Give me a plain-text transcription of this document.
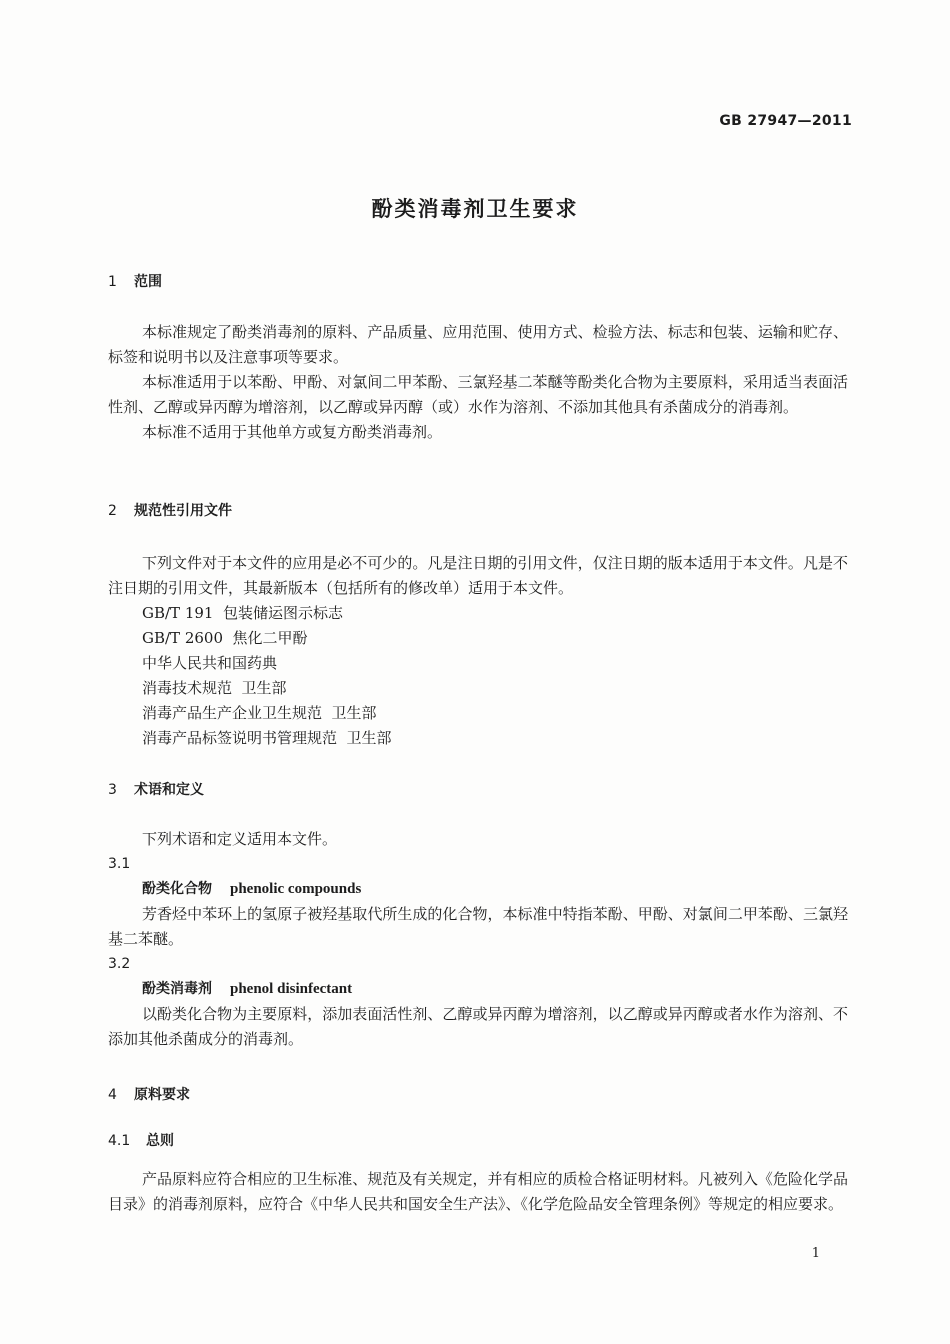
GB 27947—2011
酚类消毒剂卫生要求
1 范围
本标准规定了酚类消毒剂的原料、产品质量、应用范围、使用方式、检验方法、标志和包装、运输和贮存、标签和说明书以及注意事项等要求。
本标准适用于以苯酚、甲酚、对氯间二甲苯酚、三氯羟基二苯醚等酚类化合物为主要原料，采用适当表面活性剂、乙醇或异丙醇为增溶剂，以乙醇或异丙醇（或）水作为溶剂、不添加其他具有杀菌成分的消毒剂。
本标准不适用于其他单方或复方酚类消毒剂。
2 规范性引用文件
下列文件对于本文件的应用是必不可少的。凡是注日期的引用文件，仅注日期的版本适用于本文件。凡是不注日期的引用文件，其最新版本（包括所有的修改单）适用于本文件。
GB/T 191  包装储运图示标志
GB/T 2600  焦化二甲酚
中华人民共和国药典
消毒技术规范  卫生部
消毒产品生产企业卫生规范  卫生部
消毒产品标签说明书管理规范  卫生部
3 术语和定义
下列术语和定义适用本文件。
3.1
酚类化合物 phenolic compounds
芳香烃中苯环上的氢原子被羟基取代所生成的化合物，本标准中特指苯酚、甲酚、对氯间二甲苯酚、三氯羟基二苯醚。
3.2
酚类消毒剂 phenol disinfectant
以酚类化合物为主要原料，添加表面活性剂、乙醇或异丙醇为增溶剂，以乙醇或异丙醇或者水作为溶剂、不添加其他杀菌成分的消毒剂。
4 原料要求
4.1 总则
产品原料应符合相应的卫生标准、规范及有关规定，并有相应的质检合格证明材料。凡被列入《危险化学品目录》的消毒剂原料，应符合《中华人民共和国安全生产法》、《化学危险品安全管理条例》等规定的相应要求。
1
